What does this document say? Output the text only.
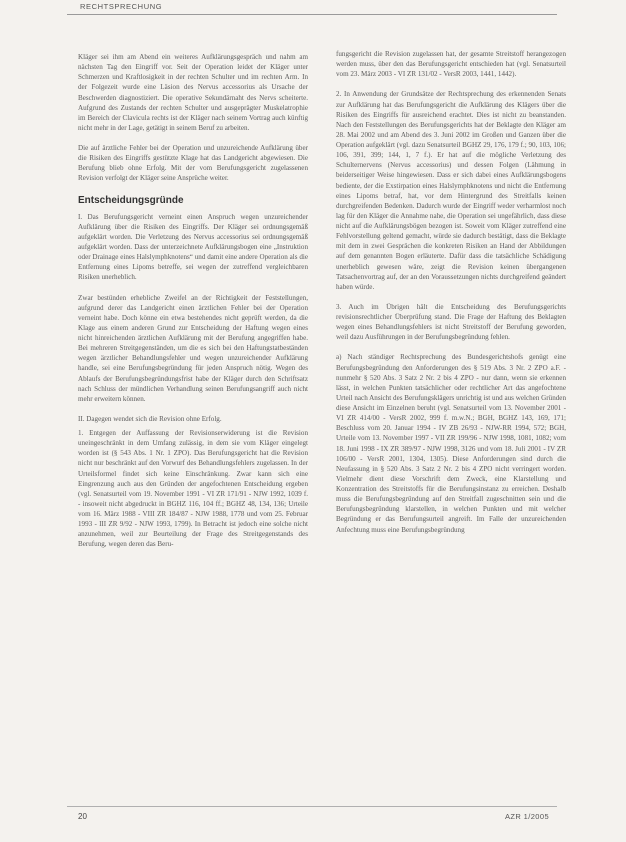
RECHTSPRECHUNG

Kläger sei ihm am Abend ein weiteres Aufklärungsgespräch und nahm am nächsten Tag den Eingriff vor. Seit der Operation leidet der Kläger unter Schmerzen und Kraftlosigkeit in der rechten Schulter und im rechten Arm. In der Folgezeit wurde eine Läsion des Nervus accessorius als Ursache der Beschwerden diagnostiziert. Die operative Sekundärnaht des Nervs scheiterte. Aufgrund des Zustands der rechten Schulter und ausgeprägter Muskelatrophie im Bereich der Clavicula rechts ist der Kläger nach seinem Vortrag auch künftig nicht mehr in der Lage, getätigt in seinem Beruf zu arbeiten.

Die auf ärztliche Fehler bei der Operation und unzureichende Aufklärung über die Risiken des Eingriffs gestützte Klage hat das Landgericht abgewiesen. Die Berufung blieb ohne Erfolg. Mit der vom Berufungsgericht zugelassenen Revision verfolgt der Kläger seine Ansprüche weiter.

Entscheidungsgründe

I. Das Berufungsgericht verneint einen Anspruch wegen unzureichender Aufklärung über die Risiken des Eingriffs. Der Kläger sei ordnungsgemäß aufgeklärt worden. Die Verletzung des Nervus accessorius sei ordnungsgemäß aufgeklärt worden. Dass der unterzeichnete Aufklärungsbogen eine „Instruktion oder Drainage eines Halslymphknotens“ und damit eine andere Operation als die Entfernung eines Lipoms betreffe, sei wegen der zutreffend vergleichbaren Risiken unerheblich.

Zwar bestünden erhebliche Zweifel an der Richtigkeit der Feststellungen, aufgrund derer das Landgericht einen ärztlichen Fehler bei der Operation verneint habe. Doch könne ein etwa bestehendes nicht geprüft werden, da die Klage aus einem anderen Grund zur Entscheidung der Haftung wegen eines nicht hinreichenden ärztlichen Aufklärung mit der Berufung angegriffen habe. Bei mehreren Streitgegenständen, um die es sich bei den Haftungstatbeständen wegen ärztlicher Behandlungsfehler und wegen unzureichender Aufklärung handle, sei eine Berufungsbegründung für jeden Anspruch nötig. Wegen des Ablaufs der Berufungsbegründungsfrist habe der Kläger durch den Schriftsatz nach Schluss der mündlichen Verhandlung seinen Berufungsangriff auch nicht mehr erweitern können.

II. Dagegen wendet sich die Revision ohne Erfolg.

1. Entgegen der Auffassung der Revisionserwiderung ist die Revision uneingeschränkt in dem Umfang zulässig, in dem sie vom Kläger eingelegt worden ist (§ 543 Abs. 1 Nr. 1 ZPO). Das Berufungsgericht hat die Revision nicht nur beschränkt auf den Vorwurf des Behandlungsfehlers zugelassen. In der Urteilsformel findet sich keine Einschränkung. Zwar kann sich eine Eingrenzung auch aus den Gründen der angefochtenen Entscheidung ergeben (vgl. Senatsurteil vom 19. November 1991 - VI ZR 171/91 - NJW 1992, 1039 f. - insoweit nicht abgedruckt in BGHZ 116, 104 ff.; BGHZ 48, 134, 136; Urteile vom 16. März 1988 - VIII ZR 184/87 - NJW 1988, 1778 und vom 25. Februar 1993 - III ZR 9/92 - NJW 1993, 1799). In Betracht ist jedoch eine solche nicht anzunehmen, weil zur Beurteilung der Frage des Streitgegenstands des Berufung, wegen deren das Beru-

fungsgericht die Revision zugelassen hat, der gesamte Streitstoff herangezogen werden muss, über den das Berufungsgericht entschieden hat (vgl. Senatsurteil vom 23. März 2003 - VI ZR 131/02 - VersR 2003, 1441, 1442).

2. In Anwendung der Grundsätze der Rechtsprechung des erkennenden Senats zur Aufklärung hat das Berufungsgericht die Aufklärung des Klägers über die Risiken des Eingriffs für ausreichend erachtet. Dies ist nicht zu beanstanden. Nach den Feststellungen des Berufungsgerichts hat der Beklagte den Kläger am 28. Mai 2002 und am Abend des 3. Juni 2002 im Großen und Ganzen über die Operation aufgeklärt (vgl. dazu Senatsurteil BGHZ 29, 176, 179 f.; 90, 103, 106; 106, 391, 399; 144, 1, 7 f.). Er hat auf die mögliche Verletzung des Schulternervens (Nervus accessorius) und dessen Folgen (Lähmung in beiderseitiger Weise hingewiesen. Dass er sich dabei eines Aufklärungsbogens bediente, der die Exstirpation eines Halslymphknotens und nicht die Entfernung eines Lipoms betraf, hat, vor dem Hintergrund des Streitfalls keinen durchgreifenden Bedenken. Dadurch wurde der Eingriff weder verharmlost noch lag für den Kläger die Annahme nahe, die Operation sei ungefährlich, dass diese nicht auf die Aufklärungsbögen bezogen ist. Soweit vom Kläger zutreffend eine Fehlvorstellung geltend gemacht, würde sie dadurch bestätigt, dass die Beklagte mit dem in zwei Gesprächen die konkreten Risiken an Hand der Abbildungen auf dem genannten Bogen erläuterte. Dafür dass die tatsächliche Schädigung unerheblich gewesen wäre, zeigt die Revision keinen übergangenen Tatsachenvortrag auf, der an den Voraussetzungen nichts durchgreifend geändert haben würde.

3. Auch im Übrigen hält die Entscheidung des Berufungsgerichts revisionsrechtlicher Überprüfung stand. Die Frage der Haftung des Beklagten wegen eines Behandlungsfehlers ist nicht Streitstoff der Berufung geworden, weil dazu Ausführungen in der Berufungsbegründung fehlen.

a) Nach ständiger Rechtsprechung des Bundesgerichtshofs genügt eine Berufungsbegründung den Anforderungen des § 519 Abs. 3 Nr. 2 ZPO a.F. - nunmehr § 520 Abs. 3 Satz 2 Nr. 2 bis 4 ZPO - nur dann, wenn sie erkennen lässt, in welchen Punkten tatsächlicher oder rechtlicher Art das angefochtene Urteil nach Ansicht des Berufungsklägers unrichtig ist und aus welchen Gründen diese Ansicht im Einzelnen beruht (vgl. Senatsurteil vom 13. November 2001 - VI ZR 414/00 - VersR 2002, 999 f. m.w.N.; BGH, BGHZ 143, 169, 171; Beschluss vom 20. Januar 1994 - IV ZB 26/93 - NJW-RR 1994, 572; BGH, Urteile vom 13. November 1997 - VII ZR 199/96 - NJW 1998, 1081, 1082; vom 18. Juni 1998 - IX ZR 389/97 - NJW 1998, 3126 und vom 18. Juli 2001 - IV ZR 106/00 - VersR 2001, 1304, 1305). Diese Anforderungen sind durch die Neufassung in § 520 Abs. 3 Satz 2 Nr. 2 bis 4 ZPO nicht verringert worden. Vielmehr dient diese Vorschrift dem Zweck, eine Klarstellung und Konzentration des Streitstoffs für die Berufungsinstanz zu erreichen. Deshalb muss die Berufungsbegründung auf den Streitfall zugeschnitten sein und die Berufungsbegründung klarstellen, in welchen Punkten und mit welcher Begründung er das Berufungsurteil angreift. Im Falle der unzureichenden Anfechtung muss eine Berufungsbegründung

20	AZR 1/2005
